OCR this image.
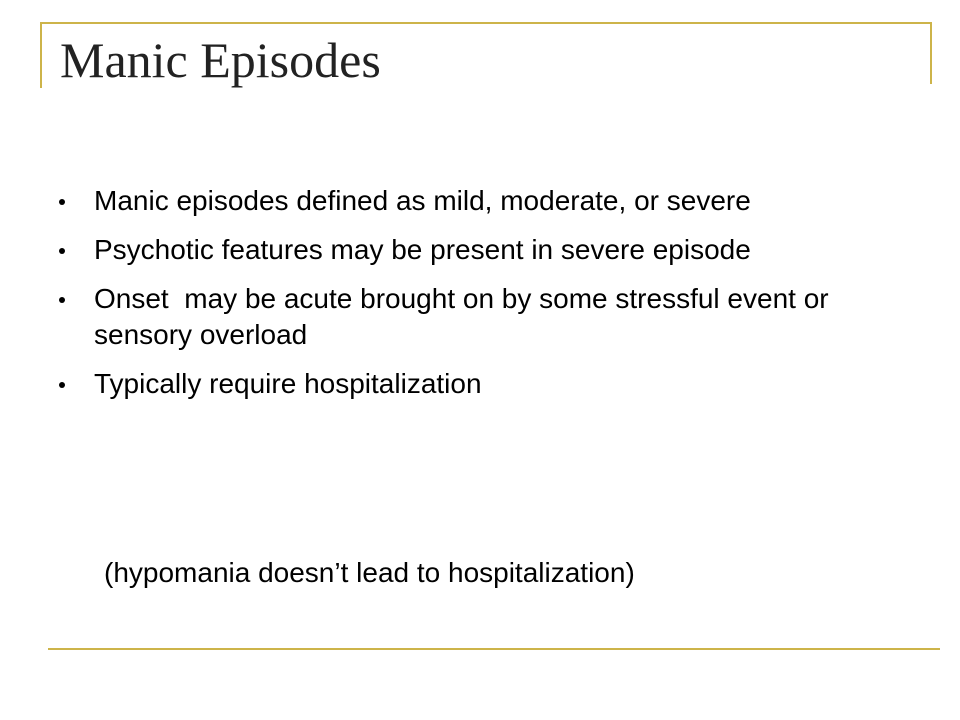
Manic Episodes
Manic episodes defined as mild, moderate, or severe
Psychotic features may be present in severe episode
Onset  may be acute brought on by some stressful event or sensory overload
Typically require hospitalization

(hypomania doesn’t lead to hospitalization)
